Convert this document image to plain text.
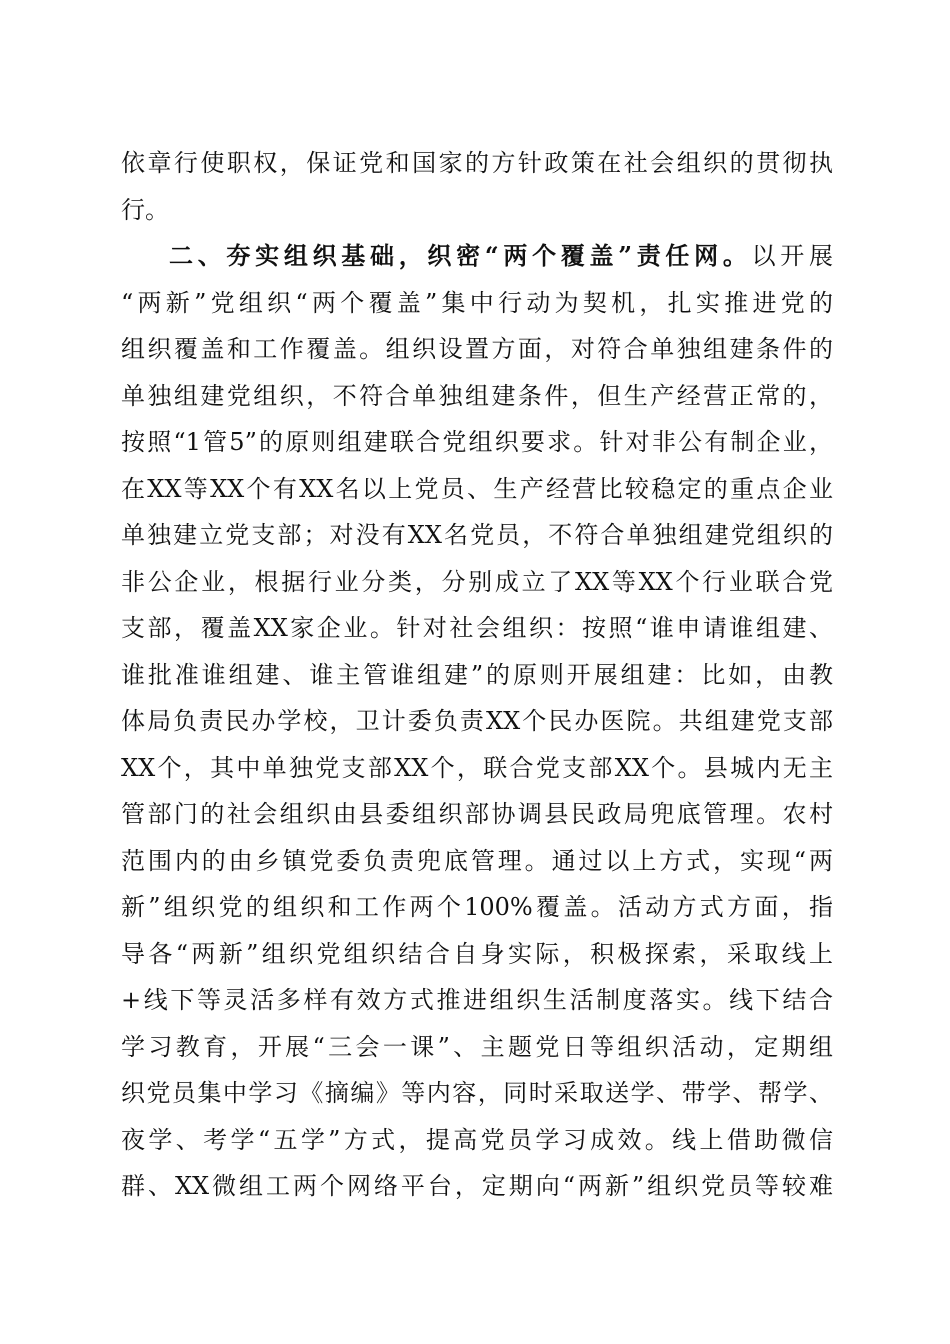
依章行使职权，保证党和国家的方针政策在社会组织的贯彻执
行。
二、夯实组织基础，织密“两个覆盖”责任网。以开展
“两新”党组织“两个覆盖”集中行动为契机，扎实推进党的
组织覆盖和工作覆盖。组织设置方面，对符合单独组建条件的
单独组建党组织，不符合单独组建条件，但生产经营正常的，
按照“1管5”的原则组建联合党组织要求。针对非公有制企业，
在XX等XX个有XX名以上党员、生产经营比较稳定的重点企业
单独建立党支部；对没有XX名党员，不符合单独组建党组织的
非公企业，根据行业分类，分别成立了XX等XX个行业联合党
支部，覆盖XX家企业。针对社会组织：按照“谁申请谁组建、
谁批准谁组建、谁主管谁组建”的原则开展组建：比如，由教
体局负责民办学校，卫计委负责XX个民办医院。共组建党支部
XX个，其中单独党支部XX个，联合党支部XX个。县城内无主
管部门的社会组织由县委组织部协调县民政局兜底管理。农村
范围内的由乡镇党委负责兜底管理。通过以上方式，实现“两
新”组织党的组织和工作两个100%覆盖。活动方式方面，指
导各“两新”组织党组织结合自身实际，积极探索，采取线上
+线下等灵活多样有效方式推进组织生活制度落实。线下结合
学习教育，开展“三会一课”、主题党日等组织活动，定期组
织党员集中学习《摘编》等内容，同时采取送学、带学、帮学、
夜学、考学“五学”方式，提高党员学习成效。线上借助微信
群、XX微组工两个网络平台，定期向“两新”组织党员等较难
